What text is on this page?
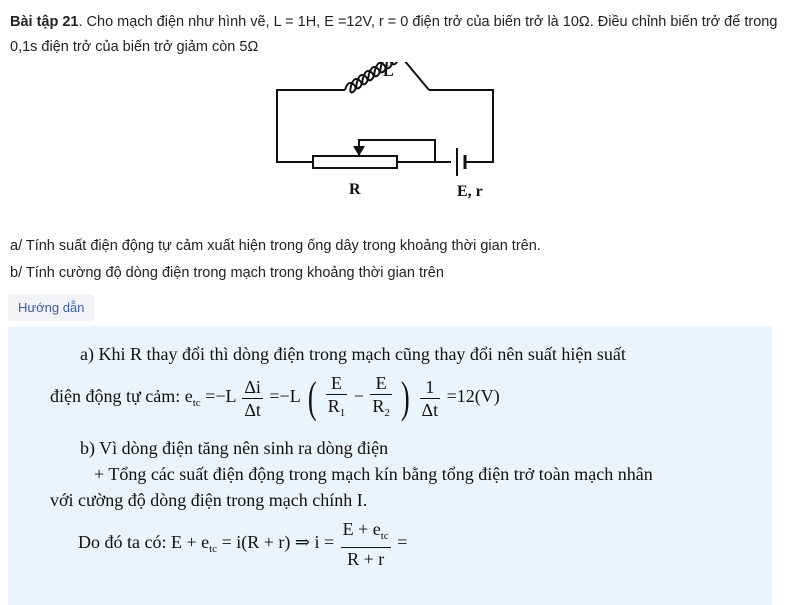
Bài tập 21. Cho mạch điện như hình vẽ, L = 1H, E =12V, r = 0 điện trở của biến trở là 10Ω. Điều chỉnh biến trở để trong 0,1s điện trở của biến trở giảm còn 5Ω
L
R	E, r
a/ Tính suất điện động tự cảm xuất hiện trong ống dây trong khoảng thời gian trên.
b/ Tính cường độ dòng điện trong mạch trong khoảng thời gian trên
Hướng dẫn
a) Khi R thay đổi thì dòng điện trong mạch cũng thay đổi nên suất hiện suất
điện động tự cảm: $e_{tc} =-L \frac{\Delta i}{\Delta t} =-L$ ( $\frac{E}{R_1} - \frac{E}{R_2}$ ) $\frac{1}{\Delta t} =12(V)$
b) Vì dòng điện tăng nên sinh ra dòng điện
+ Tổng các suất điện động trong mạch kín bằng tổng điện trở toàn mạch nhân
với cường độ dòng điện trong mạch chính I.
Do đó ta có: $E + e_{tc} = i(R + r)$ ⇒ $i = \frac{E + e_{tc}}{R + r}$ =
